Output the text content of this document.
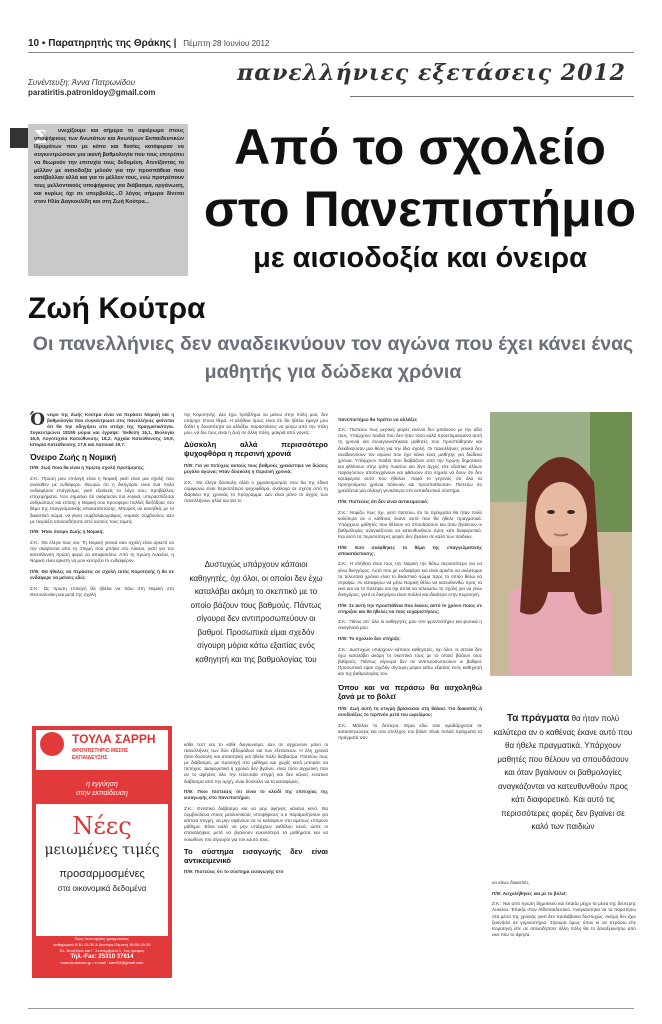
10 ▪ Παρατηρητής της Θράκης | Πέμπτη 28 Ιουνίου 2012
Συνέντευξη: Άννα Πατρωνίδου
paratiritis.patronidoy@gmail.com
πανελλήνιες εξετάσεις 2012
Σ υνεχίζουμε και σήμερα το αφιέρωμα στους υποψήφιους των Ανωτάτων και Ανωτέρων Εκπαιδευτικών Ιδρυμάτων που με κόπο και θυσίες κατάφεραν να συγκεντρώσουν μια ικανή βαθμολογία που τους επιτρέπει να θεωρούν την επιτυχία τους δεδομένη. Ατενίζοντας το μέλλον με αισιοδοξία μιλούν για την προσπάθεια που κατέβαλλαν αλλά και για το μέλλον τους, ενώ προτρέπουν τους μελλοντικούς υποψήφιους για διάβασμα, οργάνωση, και κυρίως όχι σε υπερβολές...Ο λόγος σήμερα δίνεται στον Ηλία Δαγκουλίδη και στη Ζωή Κούτρα...
Από το σχολείο
στο Πανεπιστήμιο
με αισιοδοξία και όνειρα
Ζωή Κούτρα
Οι πανελλήνιες δεν αναδεικνύουν τον αγώνα που έχει κάνει ένας μαθητής για δώδεκα χρόνια

Όνειρο της Ζωής Κούτρα είναι να περάσει Νομική και η βαθμολογία που συγκέντρωσε στις πανελλήνιες φαίνεται ότι θα την οδηγήσει στο στόχο της πραγματικότητα. Συγκεντρώνει 18155 μόρια και έγραψε: Έκθεση 15,1, Βιολογία 16,9, Λογοτεχνία Κατεύθυνσης 18,2, Αρχαία Κατεύθυνσης 19,9, Ιστορία Κατεύθυνσης 17,6 και Λατινικά 19,7.

Όνειρο Ζωής η Νομική

Π/Θ: Ζωή ποια θα είναι η πρώτη σχολή προτίμησης;

Ζ.Κ.: Πρώτη μου επιλογή είναι η Νομική γιατί είναι μια σχολή που ανέκαθεν με ενδιέφερε. Θεωρώ ότι η δικηγορία είναι ένα πολύ ενδιαφέρον επάγγελμα, γιατί εξασκείς το λόγο σου, προβάλλεις επιχειρήματα, που σημαίνει ότι σκέφτεσαι πιο λογικά, υπερασπίζεσαι ανθρώπους και επίσης η Νομική σου προσφέρει πολλές διεξόδους στο θέμα της επαγγελματικής αποκατάστασης. Μπορείς να ασκηθείς με το δικαστικό σώμα, να γίνεις συμβολαιογράφος, νομικός σύμβουλος. Δεν με πειράζει οποιοσδήποτε από αυτούς τους τομείς.

Π/Θ: Ήταν όνειρο Ζωής η Νομική;

Ζ.Κ.: Θα έλεγα πως ναι. Τη Νομική γενικά σαν σχολή είναι αρκετό να την σκέφτεσαι από τη στιγμή που μπήκα στο Λύκειο, γιατί για τον κατεύθυνση πρώτη φορά να αποφασίσω. Από τη πρώτη Λυκείου, η Νομική είναι αρκετή να μου κεντρίζει το ενδιαφέρον.

Π/Θ: Θα ήθελες να περάσεις σε σχολή εκτός Κομοτηνής ή θα σε ενδιέφερε να μείνεις εδώ;

Ζ.Κ.: Ως πρώτη επιλογή θα ήθελα να πάω στη Νομική στη Θεσσαλονίκη και μετά της σχολή

της Κομοτηνής. Δεν έχω πρόβλημα να μείνω στην πόλη μου, δεν υπάρχει τέτοιο θέμα. Η αλήθεια όμως είναι ότι θα ήθελα έφυγα μου δοθεί η δυνατότητα να αλλάξω παραστάσεις να φύγω από την πόλη μου, να δω πώς είναι η ζωή σε άλλη πόλη, μακριά από γονείς.

Δύσκολη αλλά περισσότερο ψυχοφθόρα η περσινή χρονιά

Π/Θ: Για να πετύχεις αυτούς τους βαθμούς χρειάστηκε να δώσεις μεγάλο αγώνα; Ήταν δύσκολη η περσινή χρονιά;

Ζ.Κ.: Θα έλεγα δύσκολη αλλά ο χαρακτηρισμός που θα της έδινα συμφωνώ είναι περισσότερο ψυχοφθόρα, ανάλογα σε σχέση από τη διάρκεια της χρονιάς το πρόγραμμα. Δεν είναι μόνο το άγχος των πανελλήνιων αλλά και για το

Δυστυχώς υπάρχουν κάποιοι καθηγητές, όχι όλοι, οι οποίοι δεν έχω καταλάβει ακόμη το σκεπτικό με το οποίο βάζουν τους βαθμούς. Πάντως σίγουρα δεν αντιπροσωπεύουν οι βαθμοί. Προσωπικά είμαι σχεδόν σίγουρη μόρια κάτω εξαιτίας ενός καθηγητή και της βαθμολογίας του

κάθε τεστ και το κάθε διαγώνισμα. Δεν σε αγχώνουν μόνο οι πανελλήνιες των δύο εβδομάδων και των εξετάσεων. Η όλη χρονιά ήταν δύσκολη και απαιτητική και ήθελε πολύ διάβασμα. Πιστεύω πως με διάβασμα, με προσοχή στο μάθημα και χωρίς κενά μπορείς να πετύχεις. Διαφορετικά η χρονιά δεν βγαίνει, είναι τόσο αγχωτική που αν το αφήσεις όλο την τελευταία στιγμή και δεν κάνεις εντατικό διάβασμα από την αρχή, είναι δύσκολο να τα καταφέρεις.

Π/Θ: Ποιο πιστεύεις ότι είναι το κλειδί της επιτυχίας της εισαγωγής στο πανεπιστήμιο;

Ζ.Κ.: Εντατικό διάβασμα και να μην αφήνεις κάνένα κενό. Θα συμβούλευα στους μελλοντικούς υποψήφιους ο,τι παραμελήσουν για κάποια στιγμή, να μην αφήνουν να το καλύψουν στο αμέσως επόμενο μάθημα. Είναι καλό να μην υπάρχουν καθόλου κενά, ώστε οι επαναλήψεις μετά να βγαίνουν ευκολότερα τα μαθήματα και να νοιώθουν πιο σίγουροι για τον εαυτό τους.

Το σύστημα εισαγωγής δεν είναι αντικειμενικό

Π/Θ: Πιστεύεις ότι το σύστημα εισαγωγής στο

πανεπιστήμιο θα πρέπει να αλλάξει;

Ζ.Κ.: Πιστεύω πως μερικές φορές εκείνοι δεν μπαίνουν με την αξία τους. Υπάρχουν παιδιά που δεν ήταν τόσο καλά προετοιμασμένα αυτή τη χρονιά και συναγωνιστήκανε μαθητές που προσπάθησαν και διεκδικούσαν μια θέση για την ίδια σχολή. Οι πανελλήνιες γενικά δεν αναδεικνύουν τον αγώνα που έχει κάνει ένας μαθητής για δώδεκα χρόνια. Υπάρχουν παιδιά που διαβάζουν από την πρώτη δημοτικού και φθάνουν στην τρίτη Λυκείου και λίγο άγχος είτε εξαιτίας άλλων παραγόντων αποτυγχάνουν και φθάνουν στο σημείο να δουν ότι δεν κατάφεραν αυτό που ήθελαν, παρά το γεγονός ότι όλα τα προηγούμενα χρόνια πάλευαν και προσπαθούσαν. Πιστεύω ότι χρειάζεται μια αλλαγή γενικότερα στο εκπαιδευτικό σύστημα.

Π/Θ: Πιστεύεις ότι δεν είναι αντικειμενικό;

Ζ.Κ.: Νομίζω πως όχι, γιατί πιστεύω ότι τα πράγματα θα ήταν πολύ καλύτερα αν ο καθένας έκανε αυτό που θα ήθελε πραγματικά. Υπάρχουν μαθητές που θέλουν να σπουδάσουν και όταν βγαίνουν οι βαθμολογίες αναγκάζονται να κατευθυνθούν προς κάτι διαφορετικό. Και αυτό τις περισσότερες φορές δεν βγαίνει σε καλό των παιδιών.

Π/Θ: Εσύ σκέφθηκες το θέμα της επαγγελματικής αποκατάστασης;

Ζ.Κ.: Η αλήθεια είναι πως την Νομική την θέλω περισσότερο για να γίνω δικηγόρος. Αυτό που με ενδιαφέρει και είναι αρκέτο να σκέφτομαι τα τελευταία χρόνια είναι το δικαστικό σώμα προς το οποίο θέλω να στραφώ. Αν καταφέρω να μπω Νομική θέλω να κατευθυνθώ προς τα εκεί και να το παλέψω και όχι απλά να τελειώσω τη σχολή για να γίνω δικηγόρος, γιατί οι δικηγόροι είναι πολλοί και ιδιαίτερα στην Κομοτηνή.

Π/Θ: Σε αυτή την προσπάθεια που έκανες αυτό το χρόνο ποιος σε στήριξαν και θα ήθελες να τους ευχαριστήσεις;

Ζ.Κ.: Πάνω απ' όλα οι καθηγητές μου στο φροντιστήριο και φυσικά η οικογένειά μου.

Π/Θ: Το σχολείο δεν στήριξε;

Ζ.Κ.: Δυστυχώς υπάρχουν κάποιοι καθηγητές, όχι όλοι, οι οποίοι δεν έχω καταλάβει ακόμη το σκεπτικό τους με το οποίο βάζουν τους βαθμούς. Πάντως σίγουρα δεν σε αντιπροσωπεύουν οι βαθμοί. Προσωπικά είμαι σχεδόν σίγουρη μόρια κάτω εξαιτίας ενός καθηγητή και της βαθμολογίας του.

Όπου και να περάσω θα ασχοληθώ ξανά με το βόλεϊ

Π/Θ: Ζωή αυτή τη στιγμή βρίσκεσαι στη θάλασ. Για διακοπές ή συνδυάζεις το τερπνόν μετά του ωφελίμου;

Ζ.Κ.: Μάλλον το δεύτερο. Είμαι εδώ σαν ομαδάρχισσα σε κατασκηνώσεις και σαν στελέχος του βόλεϊ. Είναι πολλά πράγματα τα πράγματα σαν

Τα πράγματα θα ήταν πολύ καλύτερα αν ο καθένας έκανε αυτό που θα ήθελε πραγματικά. Υπάρχουν μαθητές που θέλουν να σπουδάσουν και όταν βγαίνουν οι βαθμολογίες αναγκάζονται να κατευθυνθούν προς κάτι διαφορετικό. Και αυτό τις περισσότερες φορές δεν βγαίνει σε καλό των παιδιών

να κάνω διακοπές.

Π/Θ: Ασχολήθηκες και με το βόλεϊ;

Ζ.Κ.: Ναι από πρώτη δημοτικού και έπαιζα μέχρι τα μέσα της δεύτερης Λυκείου. Έπαιζα στον Αθλοπαιδευτικό. Αναγκάστηκα να τα παρατήσω στα μέσα της χρονιάς γιατί δεν προλάβαινα δυστυχώς. Ακόμη δεν έχω ξεκινήσει σε γυμναστήριο. Σίγουρα όμως όπου κι αν περάσω είτε Κομοτηνή είτε σε οποιοδήποτε άλλη πόλη θα το ξαναξεκινήσω από εκεί που το άφησα.

ΤΟΥΛΑ ΣΑΡΡΗ
ΦΡΟΝΤΙΣΤΗΡΙΟ ΜΕΣΗΣ ΕΚΠΑΙΔΕΥΣΗΣ
η εγγύηση
στην εκπαίδευση
Νέες
μειωμένες τιμές
προσαρμοσμένες
στα οικονομικά δεδομένα
Ώρες Λειτουργίας γραμματείας:
καθημερινά 8:30-13:30 & Δευτέρα-Πέμπτη 18:00-20:30
Ελ. Βενιζέλου και Γ' Σεπτεμβρίου 1, 1ος όροφος
Τηλ.-Fax: 25310 37614
www.toulasarri.gr • e-mail : sarri15@gmail.com
